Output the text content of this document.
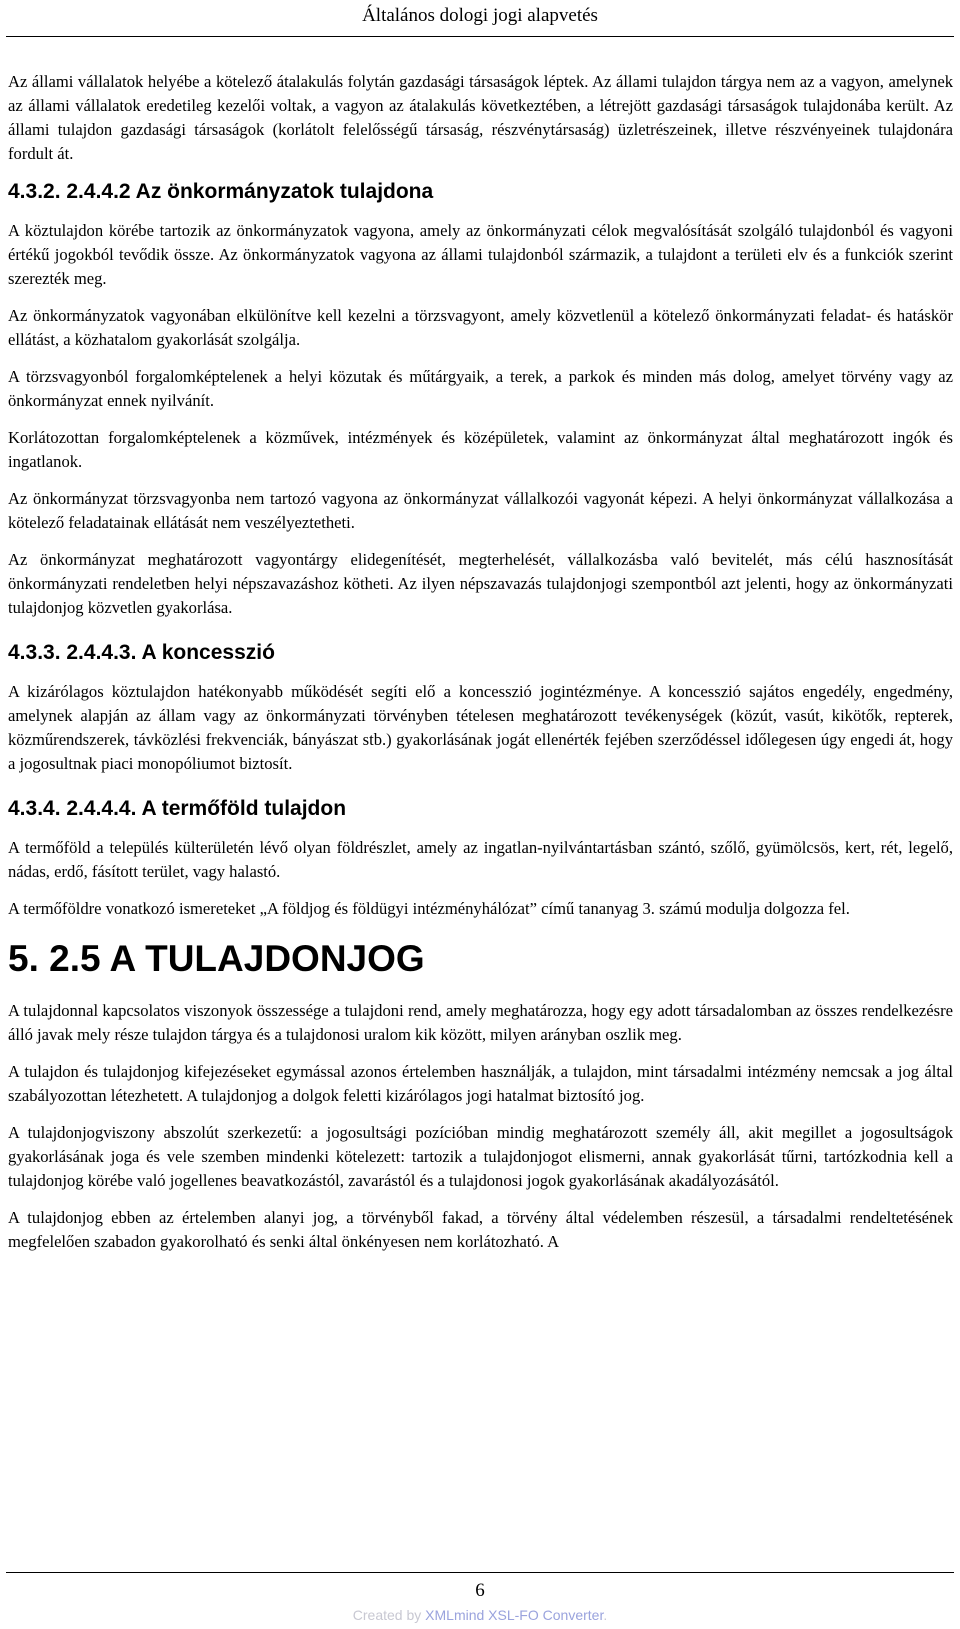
Általános dologi jogi alapvetés

Az állami vállalatok helyébe a kötelező átalakulás folytán gazdasági társaságok léptek. Az állami tulajdon tárgya nem az a vagyon, amelynek az állami vállalatok eredetileg kezelői voltak, a vagyon az átalakulás következtében, a létrejött gazdasági társaságok tulajdonába került. Az állami tulajdon gazdasági társaságok (korlátolt felelősségű társaság, részvénytársaság) üzletrészeinek, illetve részvényeinek tulajdonára fordult át.

4.3.2. 2.4.4.2 Az önkormányzatok tulajdona

A köztulajdon körébe tartozik az önkormányzatok vagyona, amely az önkormányzati célok megvalósítását szolgáló tulajdonból és vagyoni értékű jogokból tevődik össze. Az önkormányzatok vagyona az állami tulajdonból származik, a tulajdont a területi elv és a funkciók szerint szerezték meg.

Az önkormányzatok vagyonában elkülönítve kell kezelni a törzsvagyont, amely közvetlenül a kötelező önkormányzati feladat- és hatáskör ellátást, a közhatalom gyakorlását szolgálja.

A törzsvagyonból forgalomképtelenek a helyi közutak és műtárgyaik, a terek, a parkok és minden más dolog, amelyet törvény vagy az önkormányzat ennek nyilvánít.

Korlátozottan forgalomképtelenek a közművek, intézmények és középületek, valamint az önkormányzat által meghatározott ingók és ingatlanok.

Az önkormányzat törzsvagyonba nem tartozó vagyona az önkormányzat vállalkozói vagyonát képezi. A helyi önkormányzat vállalkozása a kötelező feladatainak ellátását nem veszélyeztetheti.

Az önkormányzat meghatározott vagyontárgy elidegenítését, megterhelését, vállalkozásba való bevitelét, más célú hasznosítását önkormányzati rendeletben helyi népszavazáshoz kötheti. Az ilyen népszavazás tulajdonjogi szempontból azt jelenti, hogy az önkormányzati tulajdonjog közvetlen gyakorlása.

4.3.3. 2.4.4.3. A koncesszió

A kizárólagos köztulajdon hatékonyabb működését segíti elő a koncesszió jogintézménye. A koncesszió sajátos engedély, engedmény, amelynek alapján az állam vagy az önkormányzati törvényben tételesen meghatározott tevékenységek (közút, vasút, kikötők, repterek, közműrendszerek, távközlési frekvenciák, bányászat stb.) gyakorlásának jogát ellenérték fejében szerződéssel időlegesen úgy engedi át, hogy a jogosultnak piaci monopóliumot biztosít.

4.3.4. 2.4.4.4. A termőföld tulajdon

A termőföld a település külterületén lévő olyan földrészlet, amely az ingatlan-nyilvántartásban szántó, szőlő, gyümölcsös, kert, rét, legelő, nádas, erdő, fásított terület, vagy halastó.

A termőföldre vonatkozó ismereteket „A földjog és földügyi intézményhálózat” című tananyag 3. számú modulja dolgozza fel.

5. 2.5 A TULAJDONJOG

A tulajdonnal kapcsolatos viszonyok összessége a tulajdoni rend, amely meghatározza, hogy egy adott társadalomban az összes rendelkezésre álló javak mely része tulajdon tárgya és a tulajdonosi uralom kik között, milyen arányban oszlik meg.

A tulajdon és tulajdonjog kifejezéseket egymással azonos értelemben használják, a tulajdon, mint társadalmi intézmény nemcsak a jog által szabályozottan létezhetett. A tulajdonjog a dolgok feletti kizárólagos jogi hatalmat biztosító jog.

A tulajdonjogviszony abszolút szerkezetű: a jogosultsági pozícióban mindig meghatározott személy áll, akit megillet a jogosultságok gyakorlásának joga és vele szemben mindenki kötelezett: tartozik a tulajdonjogot elismerni, annak gyakorlását tűrni, tartózkodnia kell a tulajdonjog körébe való jogellenes beavatkozástól, zavarástól és a tulajdonosi jogok gyakorlásának akadályozásától.

A tulajdonjog ebben az értelemben alanyi jog, a törvényből fakad, a törvény által védelemben részesül, a társadalmi rendeltetésének megfelelően szabadon gyakorolható és senki által önkényesen nem korlátozható. A

6
Created by XMLmind XSL-FO Converter.
